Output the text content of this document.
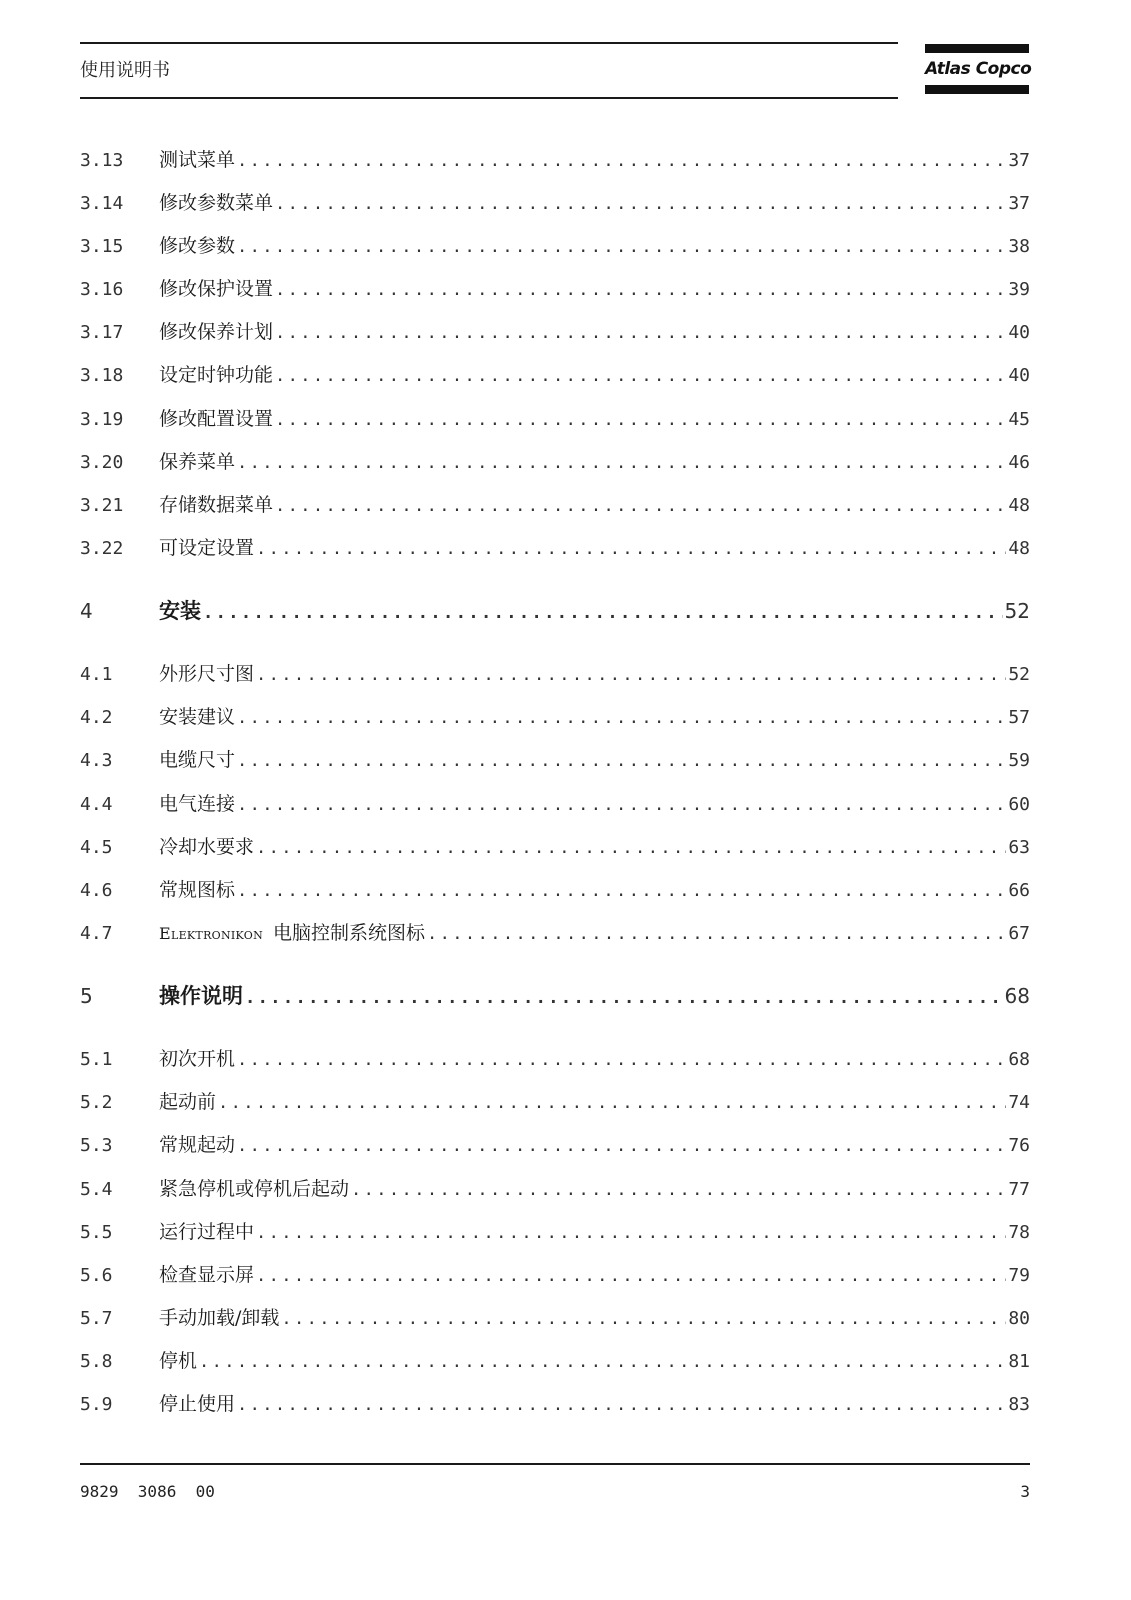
使用说明书	Atlas Copco
3.13	测试菜单 .....	37
3.14	修改参数菜单 .....	37
3.15	修改参数 .....	38
3.16	修改保护设置 .....	39
3.17	修改保养计划 .....	40
3.18	设定时钟功能 .....	40
3.19	修改配置设置 .....	45
3.20	保养菜单 .....	46
3.21	存储数据菜单 .....	48
3.22	可设定设置 .....	48
4	安装 .....	52
4.1	外形尺寸图 .....	52
4.2	安装建议 .....	57
4.3	电缆尺寸 .....	59
4.4	电气连接 .....	60
4.5	冷却水要求 .....	63
4.6	常规图标 .....	66
4.7	Elektronikon 电脑控制系统图标 .....	67
5	操作说明 .....	68
5.1	初次开机 .....	68
5.2	起动前 .....	74
5.3	常规起动 .....	76
5.4	紧急停机或停机后起动 .....	77
5.5	运行过程中 .....	78
5.6	检查显示屏 .....	79
5.7	手动加载/卸载 .....	80
5.8	停机 .....	81
5.9	停止使用 .....	83
9829  3086  00	3
